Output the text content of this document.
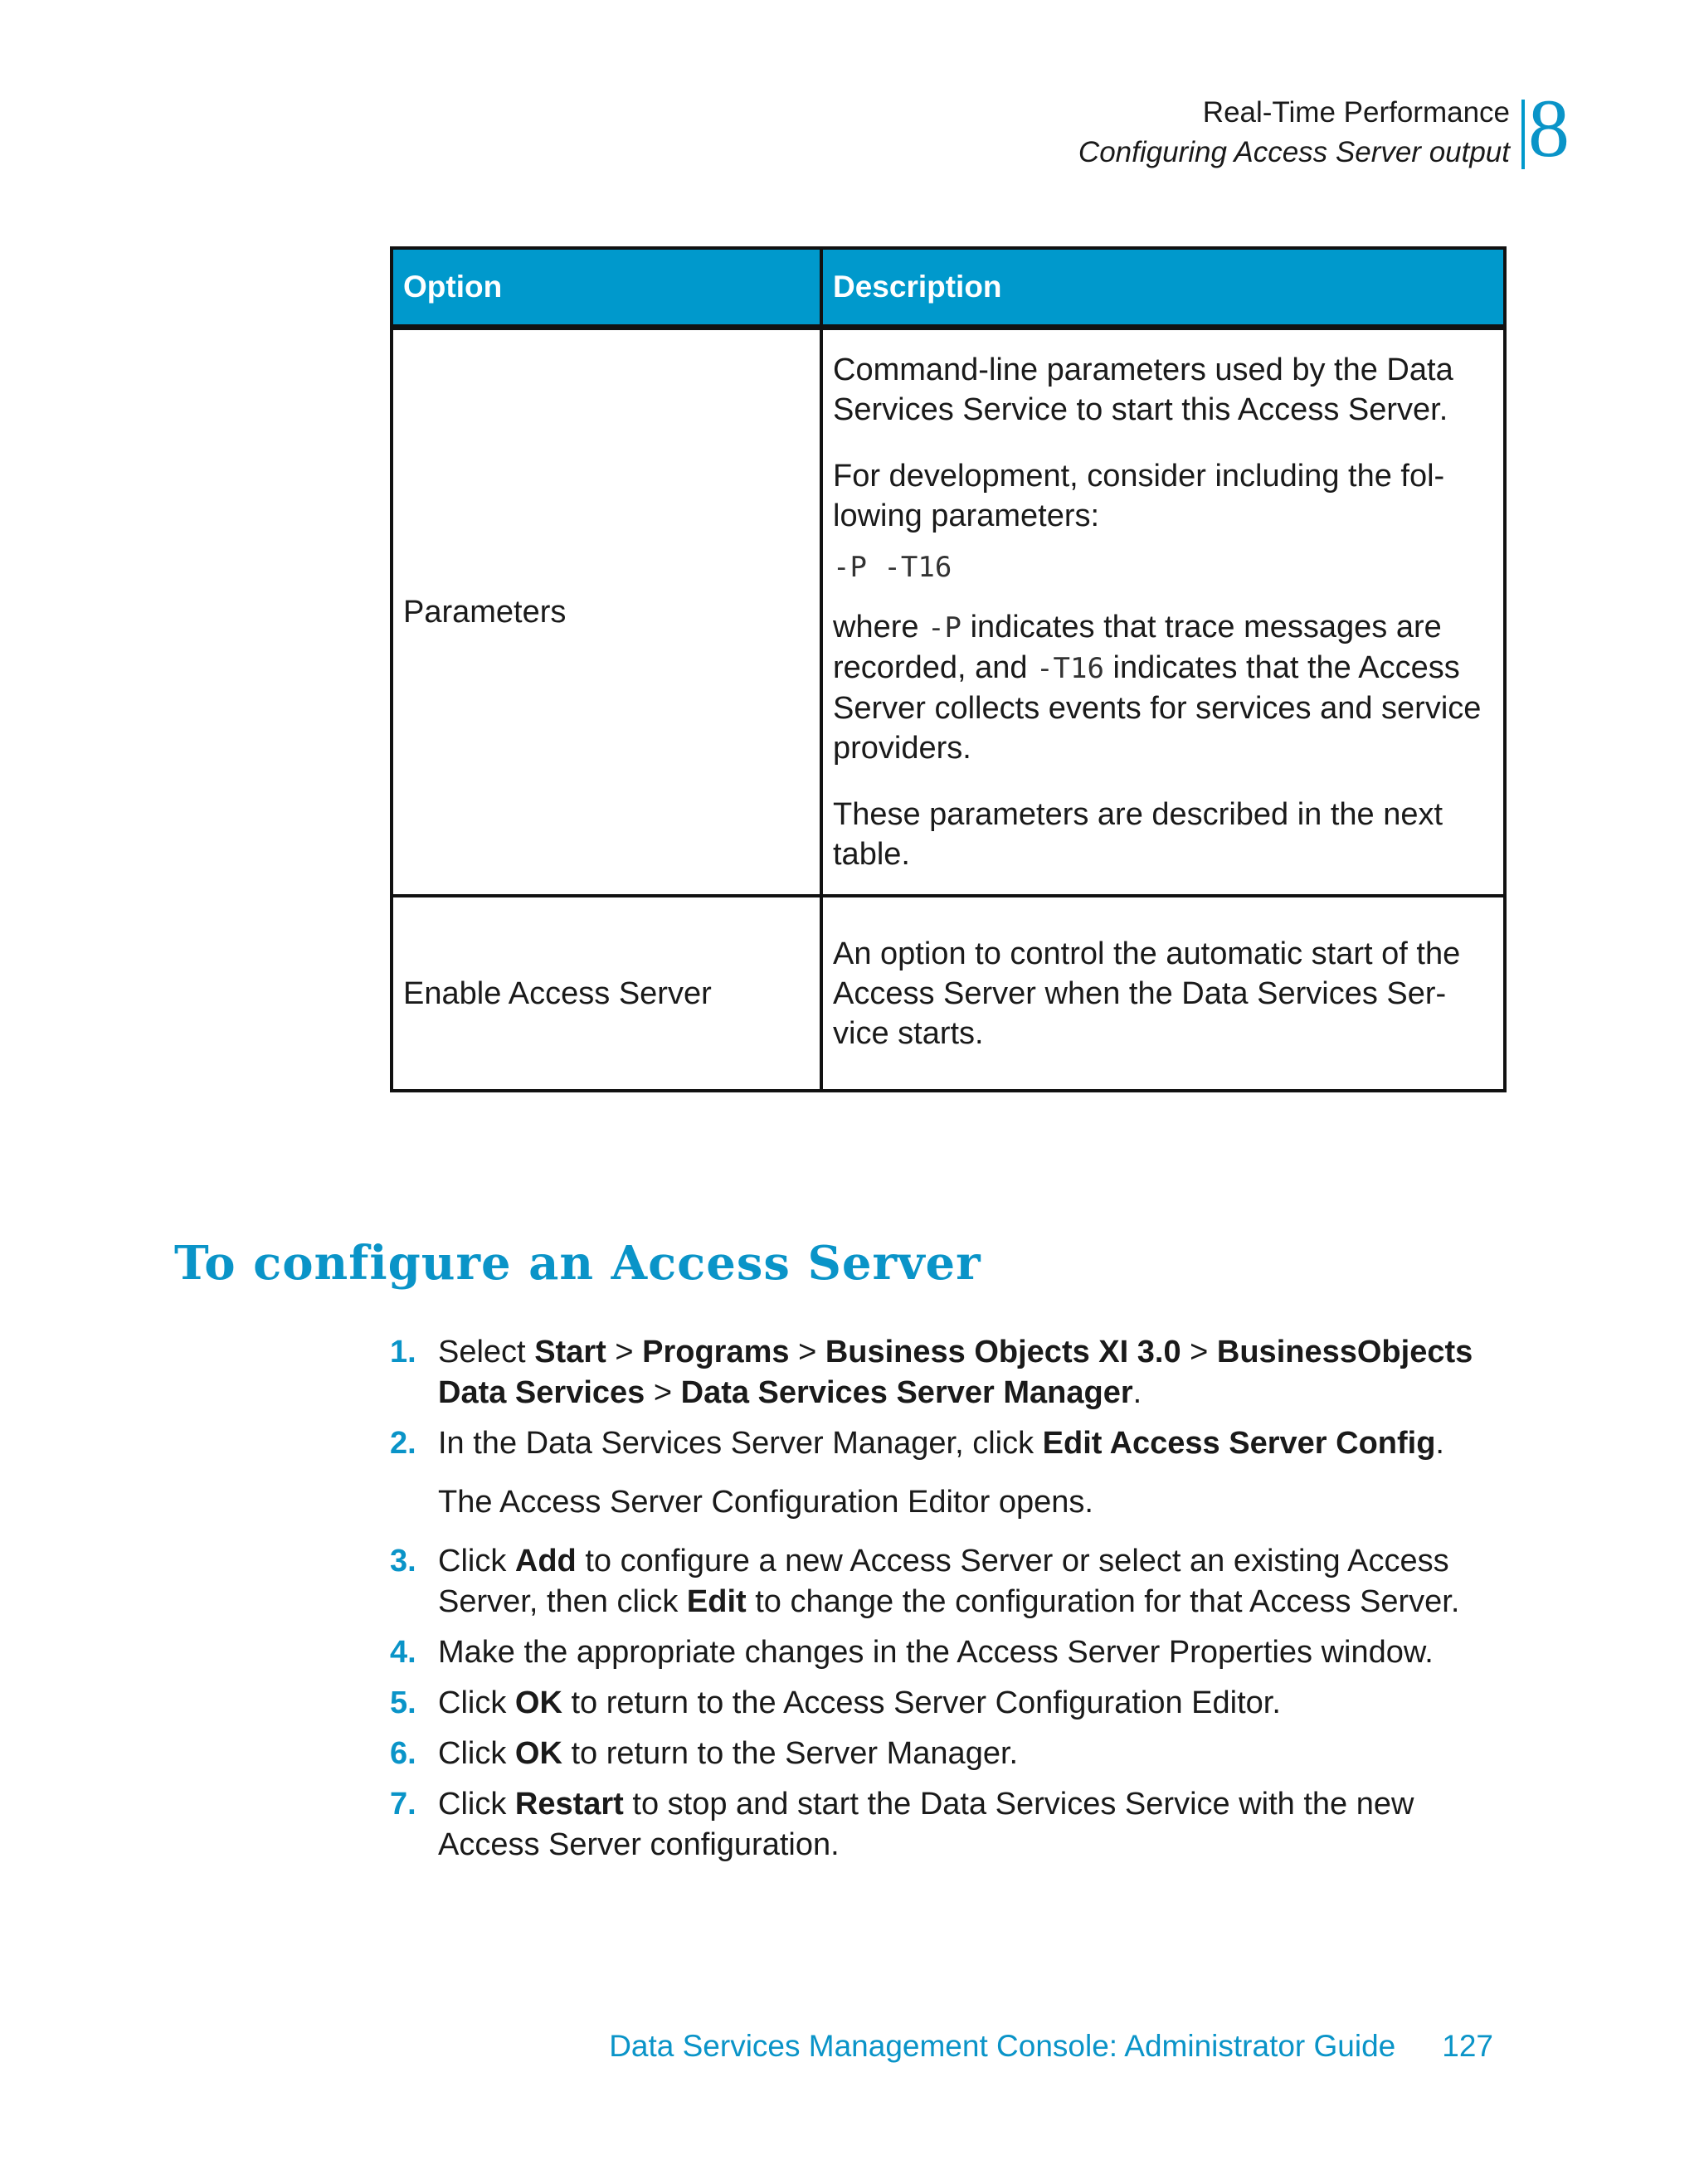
Real-Time Performance
Configuring Access Server output 8
Option	Description
Parameters	Command-line parameters used by the Data Services Service to start this Access Server.

For development, consider including the fol-lowing parameters:

-P -T16

where -P indicates that trace messages are recorded, and -T16 indicates that the Access Server collects events for services and service providers.

These parameters are described in the next table.

Enable Access Server	An option to control the automatic start of the Access Server when the Data Services Ser-vice starts.

To configure an Access Server
1. Select Start > Programs > Business Objects XI 3.0 > BusinessObjects Data Services > Data Services Server Manager.
2. In the Data Services Server Manager, click Edit Access Server Config.
The Access Server Configuration Editor opens.
3. Click Add to configure a new Access Server or select an existing Access Server, then click Edit to change the configuration for that Access Server.
4. Make the appropriate changes in the Access Server Properties window.
5. Click OK to return to the Access Server Configuration Editor.
6. Click OK to return to the Server Manager.
7. Click Restart to stop and start the Data Services Service with the new Access Server configuration.
Data Services Management Console: Administrator Guide 127
